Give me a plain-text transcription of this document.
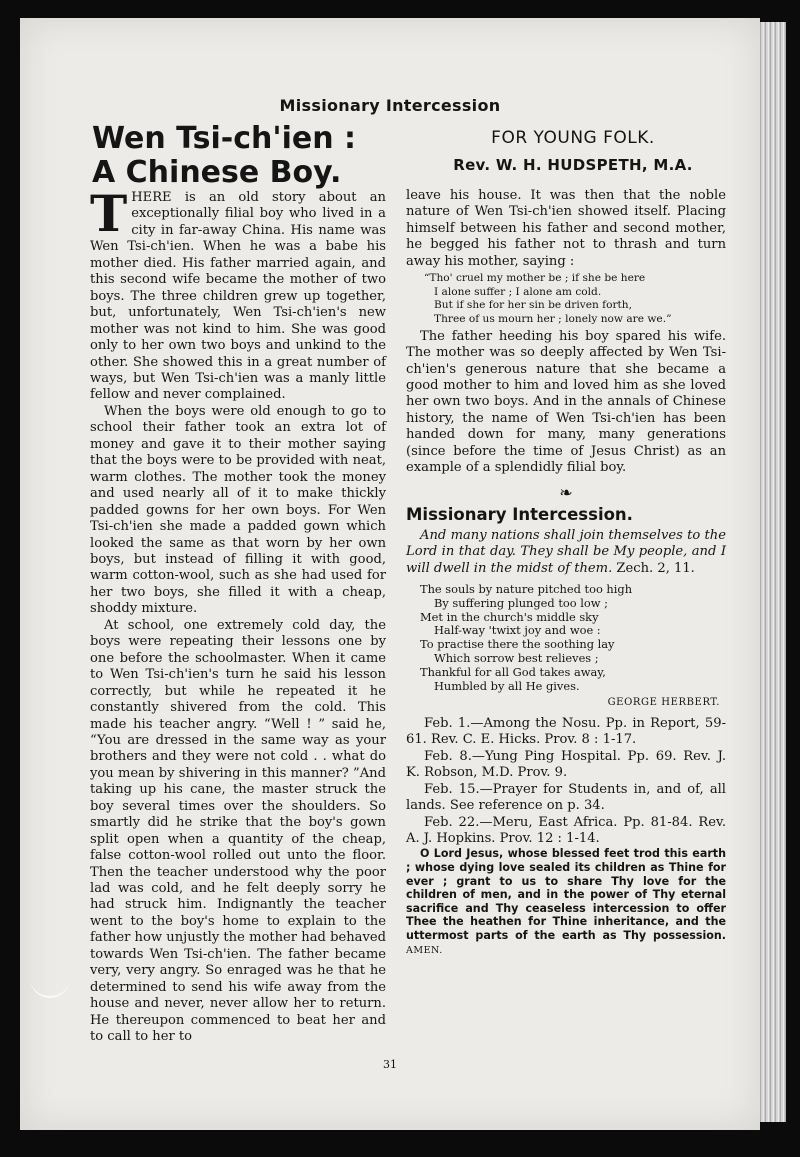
Missionary Intercession
Wen Tsi-ch'ien :
A Chinese Boy.
FOR YOUNG FOLK.
Rev. W. H. HUDSPETH, M.A.

THERE is an old story about an exceptionally filial boy who lived in a city in far-away China. His name was Wen Tsi-ch'ien. When he was a babe his mother died. His father married again, and this second wife became the mother of two boys. The three children grew up together, but, unfortunately, Wen Tsi-ch'ien's new mother was not kind to him. She was good only to her own two boys and unkind to the other. She showed this in a great number of ways, but Wen Tsi-ch'ien was a manly little fellow and never complained.

When the boys were old enough to go to school their father took an extra lot of money and gave it to their mother saying that the boys were to be provided with neat, warm clothes. The mother took the money and used nearly all of it to make thickly padded gowns for her own boys. For Wen Tsi-ch'ien she made a padded gown which looked the same as that worn by her own boys, but instead of filling it with good, warm cotton-wool, such as she had used for her two boys, she filled it with a cheap, shoddy mixture.

At school, one extremely cold day, the boys were repeating their lessons one by one before the schoolmaster. When it came to Wen Tsi-ch'ien's turn he said his lesson correctly, but while he repeated it he constantly shivered from the cold. This made his teacher angry. “Well ! ” said he, “You are dressed in the same way as your brothers and they were not cold . . what do you mean by shivering in this manner? ”And taking up his cane, the master struck the boy several times over the shoulders. So smartly did he strike that the boy's gown split open when a quantity of the cheap, false cotton-wool rolled out unto the floor. Then the teacher understood why the poor lad was cold, and he felt deeply sorry he had struck him. Indignantly the teacher went to the boy's home to explain to the father how unjustly the mother had behaved towards Wen Tsi-ch'ien. The father became very, very angry. So enraged was he that he determined to send his wife away from the house and never, never allow her to return. He thereupon commenced to beat her and to call to her to

leave his house. It was then that the noble nature of Wen Tsi-ch'ien showed itself. Placing himself between his father and second mother, he begged his father not to thrash and turn away his mother, saying :

“Tho' cruel my mother be ; if she be here
I alone suffer ; I alone am cold.
But if she for her sin be driven forth,
Three of us mourn her ; lonely now are we.”

The father heeding his boy spared his wife. The mother was so deeply affected by Wen Tsi-ch'ien's generous nature that she became a good mother to him and loved him as she loved her own two boys. And in the annals of Chinese history, the name of Wen Tsi-ch'ien has been handed down for many, many generations (since before the time of Jesus Christ) as an example of a splendidly filial boy.

❧
Missionary Intercession.

And many nations shall join themselves to the Lord in that day. They shall be My people, and I will dwell in the midst of them. Zech. 2, 11.

The souls by nature pitched too high
By suffering plunged too low ;
Met in the church's middle sky
Half-way 'twixt joy and woe :
To practise there the soothing lay
Which sorrow best relieves ;
Thankful for all God takes away,
Humbled by all He gives.
GEORGE HERBERT.

Feb. 1.—Among the Nosu. Pp. in Report, 59-61. Rev. C. E. Hicks. Prov. 8 : 1-17.

Feb. 8.—Yung Ping Hospital. Pp. 69. Rev. J. K. Robson, M.D. Prov. 9.

Feb. 15.—Prayer for Students in, and of, all lands. See reference on p. 34.

Feb. 22.—Meru, East Africa. Pp. 81-84. Rev. A. J. Hopkins. Prov. 12 : 1-14.

O Lord Jesus, whose blessed feet trod this earth ; whose dying love sealed its children as Thine for ever ; grant to us to share Thy love for the children of men, and in the power of Thy eternal sacrifice and Thy ceaseless intercession to offer Thee the heathen for Thine inheritance, and the uttermost parts of the earth as Thy possession. AMEN.

31
